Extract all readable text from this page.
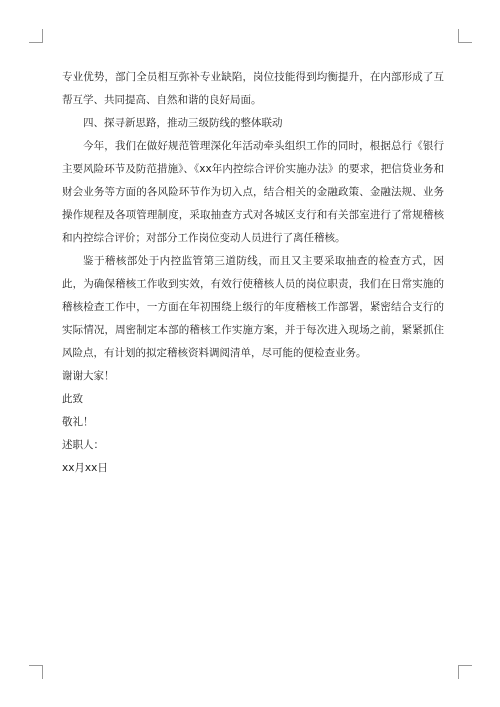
专业优势，部门全员相互弥补专业缺陷，岗位技能得到均衡提升，在内部形成了互帮互学、共同提高、自然和谐的良好局面。

四、探寻新思路，推动三级防线的整体联动

今年，我们在做好规范管理深化年活动牵头组织工作的同时，根据总行《银行主要风险环节及防范措施》、《xx年内控综合评价实施办法》的要求，把信贷业务和财会业务等方面的各风险环节作为切入点，结合相关的金融政策、金融法规、业务操作规程及各项管理制度，采取抽查方式对各城区支行和有关部室进行了常规稽核和内控综合评价；对部分工作岗位变动人员进行了离任稽核。

鉴于稽核部处于内控监管第三道防线，而且又主要采取抽查的检查方式，因此，为确保稽核工作收到实效，有效行使稽核人员的岗位职责，我们在日常实施的稽核检查工作中，一方面在年初围绕上级行的年度稽核工作部署，紧密结合支行的实际情况，周密制定本部的稽核工作实施方案，并于每次进入现场之前，紧紧抓住风险点，有计划的拟定稽核资料调阅清单，尽可能的便检查业务。

谢谢大家！

此致

敬礼！

述职人：

xx月xx日
